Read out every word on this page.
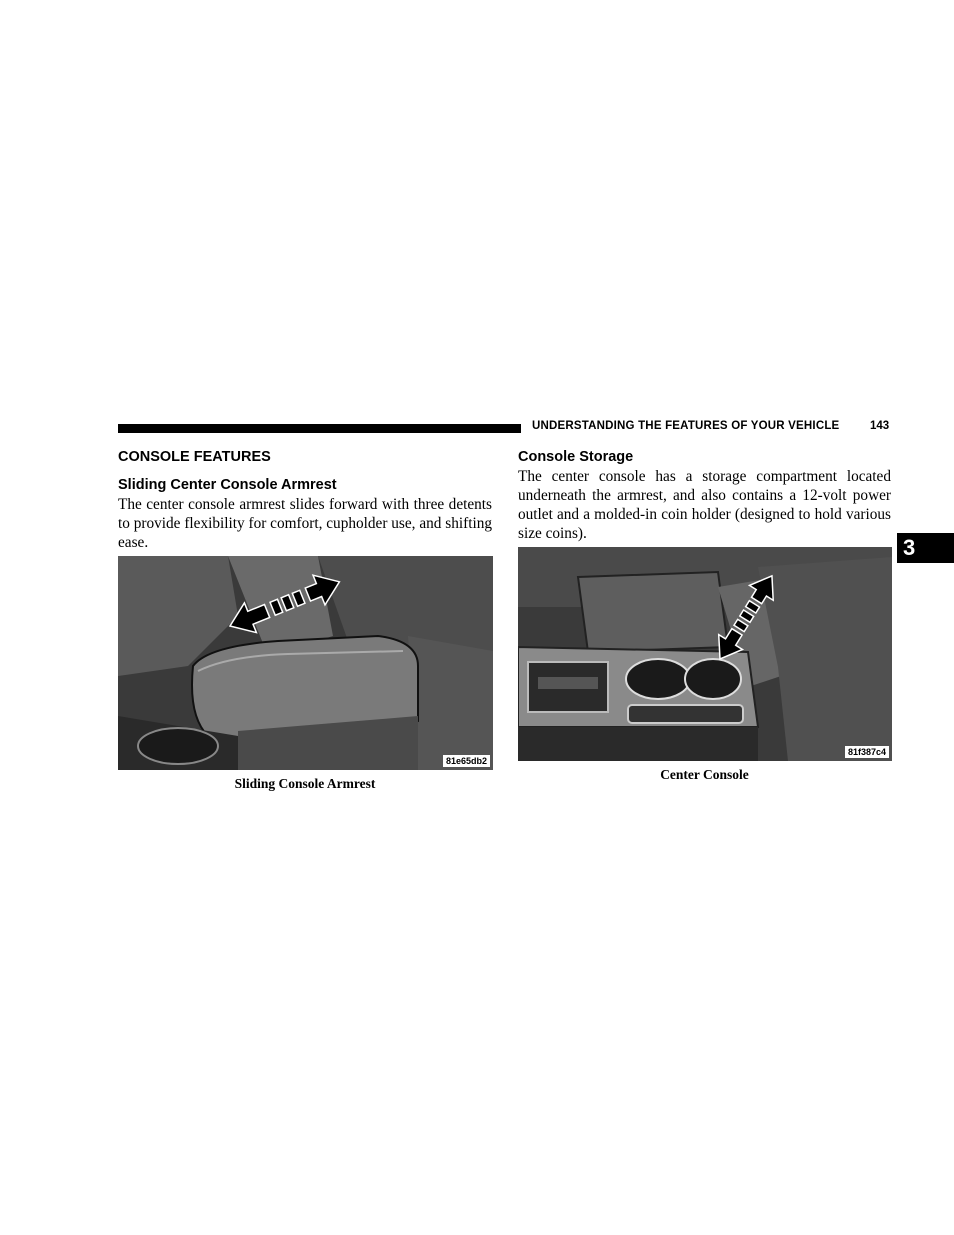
UNDERSTANDING THE FEATURES OF YOUR VEHICLE	143
3
CONSOLE FEATURES
Sliding Center Console Armrest
The center console armrest slides forward with three detents to provide flexibility for comfort, cupholder use, and shifting ease.
81e65db2
Sliding Console Armrest
Console Storage
The center console has a storage compartment located underneath the armrest, and also contains a 12-volt power outlet and a molded-in coin holder (designed to hold various size coins).
81f387c4
Center Console
